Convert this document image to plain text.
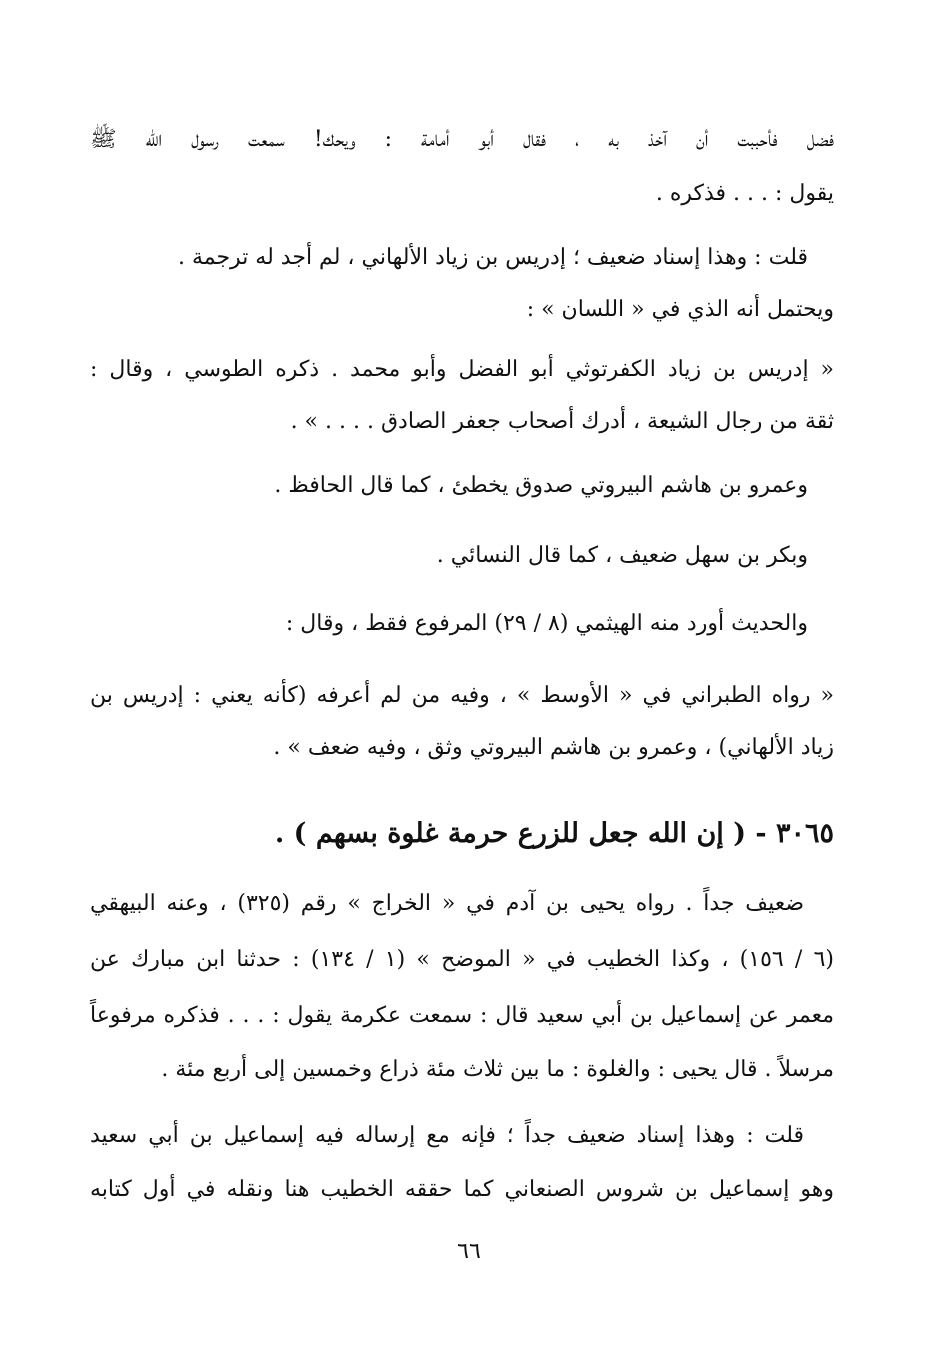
فضل فأحببت أن آخذ به ، فقال أبو أمامة : ويحك! سمعت رسول الله ﷺ
يقول : . . . فذكره .
قلت : وهذا إسناد ضعيف ؛ إدريس بن زياد الألهاني ، لم أجد له ترجمة .
ويحتمل أنه الذي في « اللسان » :
« إدريس بن زياد الكفرتوثي أبو الفضل وأبو محمد . ذكره الطوسي ، وقال :
ثقة من رجال الشيعة ، أدرك أصحاب جعفر الصادق . . . . » .
وعمرو بن هاشم البيروتي صدوق يخطئ ، كما قال الحافظ .
وبكر بن سهل ضعيف ، كما قال النسائي .
والحديث أورد منه الهيثمي (٨ / ٢٩) المرفوع فقط ، وقال :
« رواه الطبراني في « الأوسط » ، وفيه من لم أعرفه (كأنه يعني : إدريس بن
زياد الألهاني) ، وعمرو بن هاشم البيروتي وثق ، وفيه ضعف » .
٣٠٦٥ - ( إن الله جعل للزرع حرمة غلوة بسهم ) .
ضعيف جداً . رواه يحيى بن آدم في « الخراج » رقم (٣٢٥) ، وعنه البيهقي
(٦ / ١٥٦) ، وكذا الخطيب في « الموضح » (١ / ١٣٤) : حدثنا ابن مبارك عن
معمر عن إسماعيل بن أبي سعيد قال : سمعت عكرمة يقول : . . . فذكره مرفوعاً
مرسلاً . قال يحيى : والغلوة : ما بين ثلاث مئة ذراع وخمسين إلى أربع مئة .
قلت : وهذا إسناد ضعيف جداً ؛ فإنه مع إرساله فيه إسماعيل بن أبي سعيد
وهو إسماعيل بن شروس الصنعاني كما حققه الخطيب هنا ونقله في أول كتابه
٦٦
